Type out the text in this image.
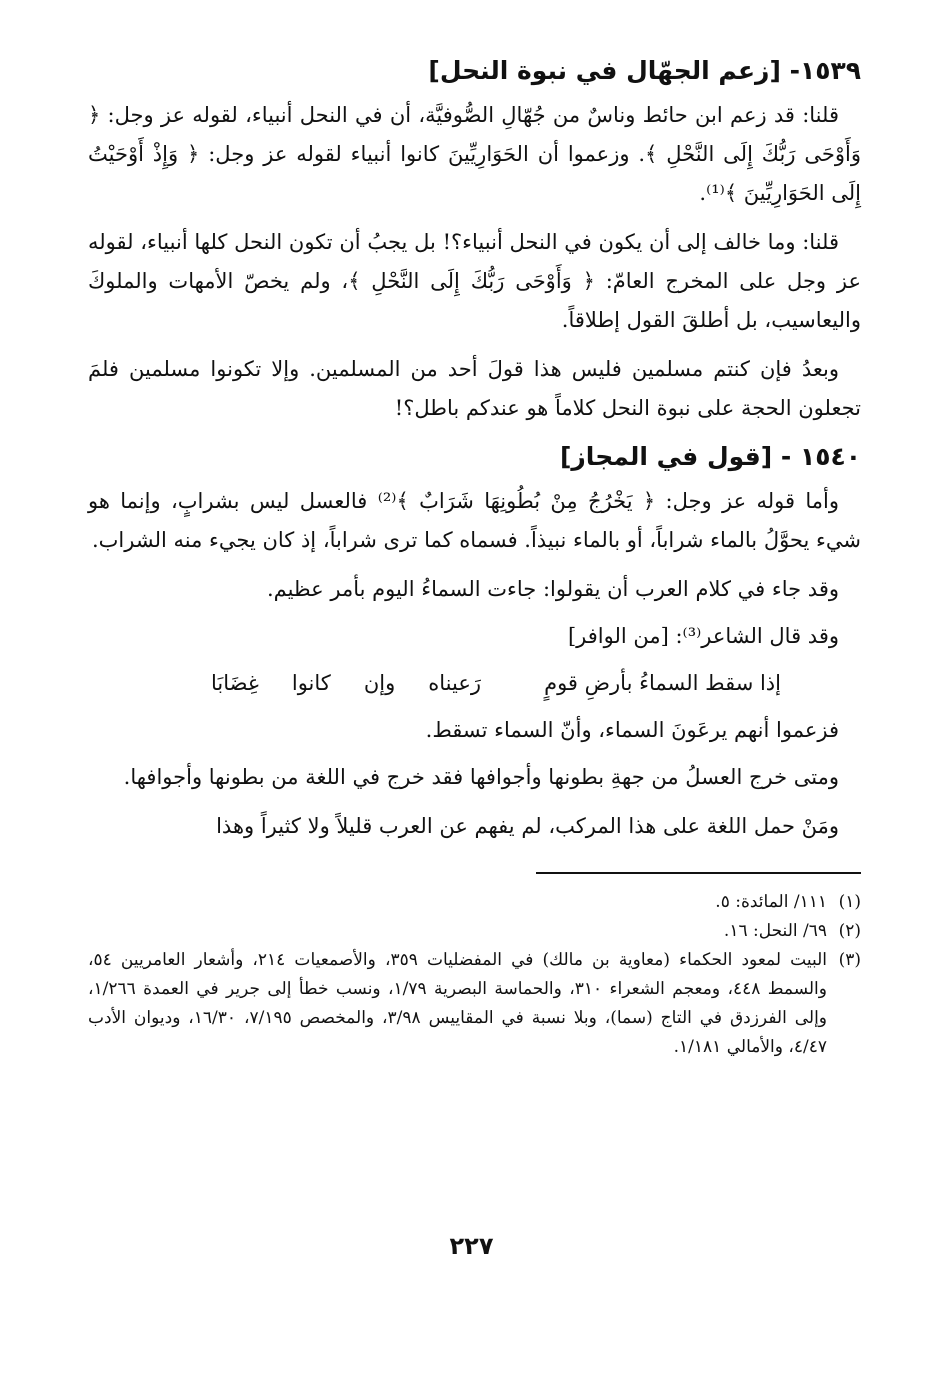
١٥٣٩- [زعم الجهّال في نبوة النحل]

قلنا: قد زعم ابن حائط وناسٌ من جُهّالِ الصُّوفيَّة، أن في النحل أنبياء، لقوله عز وجل: ﴿ وَأَوْحَى رَبُّكَ إِلَى النَّحْلِ ﴾. وزعموا أن الحَوَارِيِّينَ كانوا أنبياء لقوله عز وجل: ﴿ وَإِذْ أَوْحَيْتُ إِلَى الحَوَارِيِّينَ ﴾⁽¹⁾.

قلنا: وما خالف إلى أن يكون في النحل أنبياء؟! بل يجبُ أن تكون النحل كلها أنبياء، لقوله عز وجل على المخرج العامّ: ﴿ وَأَوْحَى رَبُّكَ إِلَى النَّحْلِ ﴾، ولم يخصّ الأمهات والملوكَ واليعاسيب، بل أطلقَ القول إطلاقاً.

وبعدُ فإن كنتم مسلمين فليس هذا قولَ أحد من المسلمين. وإلا تكونوا مسلمين فلمَ تجعلون الحجة على نبوة النحل كلاماً هو عندكم باطل؟!

١٥٤٠ - [قول في المجاز]

وأما قوله عز وجل: ﴿ يَخْرُجُ مِنْ بُطُونِهَا شَرَابٌ ﴾⁽²⁾ فالعسل ليس بشرابٍ، وإنما هو شيء يحوَّلُ بالماء شراباً، أو بالماء نبيذاً. فسماه كما ترى شراباً، إذ كان يجيء منه الشراب.

وقد جاء في كلام العرب أن يقولوا: جاءت السماءُ اليوم بأمر عظيم.
وقد قال الشاعر⁽³⁾: [من الوافر]
إذا سقط السماءُ بأرضِ قومٍ
رَعيناه وإن كانوا غِضَابَا
فزعموا أنهم يرعَونَ السماء، وأنّ السماء تسقط.

ومتى خرج العسلُ من جهةِ بطونها وأجوافها فقد خرج في اللغة من بطونها وأجوافها.

ومَنْ حمل اللغة على هذا المركب، لم يفهم عن العرب قليلاً ولا كثيراً وهذا

(١)
١١١/ المائدة: ٥.

(٢)
٦٩/ النحل: ١٦.

(٣)
البيت لمعود الحكماء (معاوية بن مالك) في المفضليات ٣٥٩، والأصمعيات ٢١٤، وأشعار العامريين ٥٤، والسمط ٤٤٨، ومعجم الشعراء ٣١٠، والحماسة البصرية ١/٧٩، ونسب خطأ إلى جرير في العمدة ١/٢٦٦، وإلى الفرزدق في التاج (سما)، وبلا نسبة في المقاييس ٣/٩٨، والمخصص ٧/١٩٥، ١٦/٣٠، وديوان الأدب ٤/٤٧، والأمالي ١/١٨١.

٢٢٧
